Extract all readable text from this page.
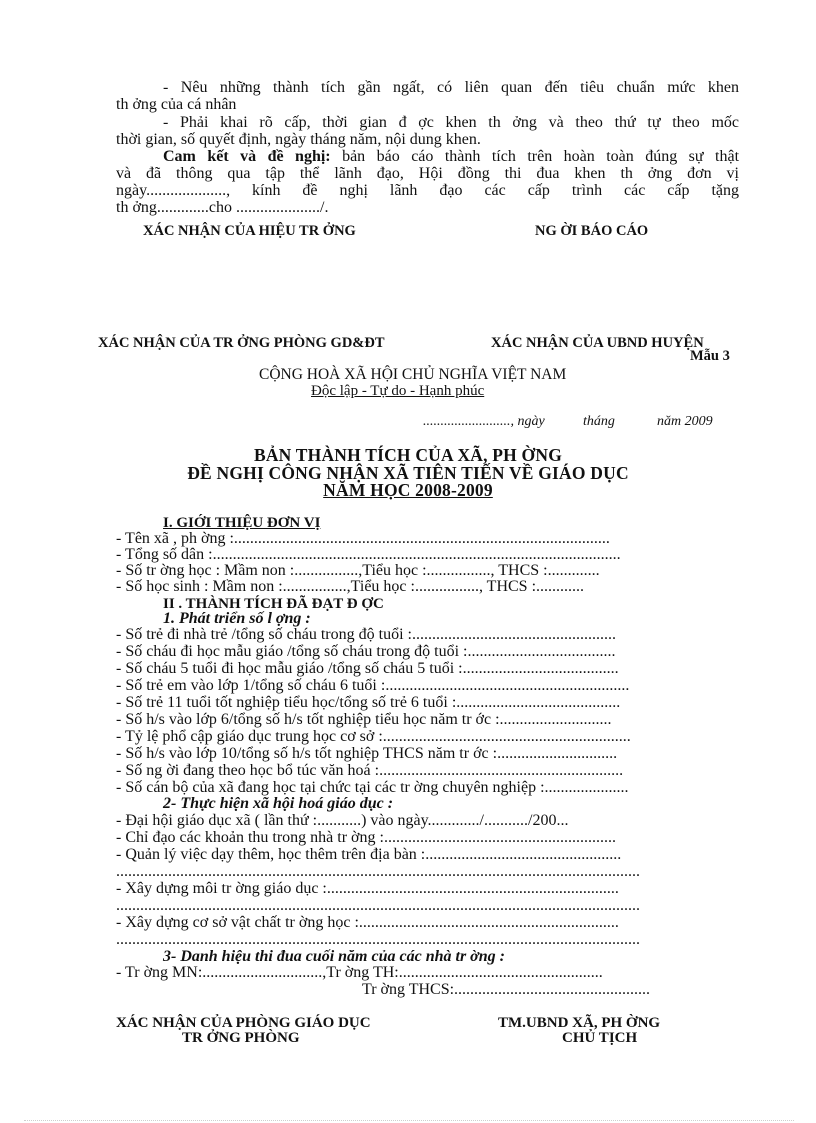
- Nêu những thành tích gần ngất, có liên quan đến tiêu chuẩn mức khen
th ởng của cá nhân
- Phải khai rõ cấp, thời gian đ ợc khen th ởng và theo thứ tự theo mốc
thời gian, số quyết định, ngày tháng năm, nội dung khen.
Cam kết và đề nghị: bản báo cáo thành tích trên hoàn toàn đúng sự thật
và đã thông qua tập thể lãnh đạo, Hội đồng thi đua khen th ởng đơn vị
ngày...................., kính đề nghị lãnh đạo các cấp trình các cấp tặng
th ởng.............cho ...................../.
XÁC NHẬN CỦA HIỆU TR ỞNG	NG ỜI BÁO CÁO
XÁC NHẬN CỦA TR ỞNG PHÒNG GD&ĐT	XÁC NHẬN CỦA UBND HUYỆN
Mẫu 3
CỘNG HOÀ XÃ HỘI CHỦ NGHĨA VIỆT NAM
Độc lập - Tự do - Hạnh phúc
........................., ngày	tháng	năm 2009
BẢN THÀNH TÍCH CỦA XÃ, PH ỜNG
ĐỀ NGHỊ CÔNG NHẬN XÃ TIÊN TIẾN VỀ GIÁO DỤC
NĂM HỌC 2008-2009
I. GIỚI THIỆU ĐƠN VỊ
- Tên xã , ph ờng :..............................................................................................
- Tổng số dân :......................................................................................................
- Số tr ờng học : Mầm non :................,Tiểu học :................, THCS :.............
- Số học sinh : Mầm non :................,Tiểu học :................, THCS :............
II . THÀNH TÍCH ĐÃ ĐẠT Đ ỢC
1. Phát triển số l ợng :
- Số trẻ đi nhà trẻ /tổng số cháu trong độ tuổi :...................................................
- Số cháu đi học mẫu giáo /tổng số cháu trong độ tuổi :.....................................
- Số cháu 5 tuổi đi học mẫu giáo /tổng số cháu 5 tuổi :.......................................
- Số trẻ em vào lớp 1/tổng số cháu 6 tuổi :.............................................................
- Số trẻ 11 tuổi tốt nghiệp tiểu học/tổng số trẻ 6 tuổi :.........................................
- Số h/s vào lớp 6/tổng số h/s tốt nghiệp tiểu học năm tr ớc :............................
- Tỷ lệ phổ cập giáo dục trung học cơ sở :..............................................................
- Số h/s vào lớp 10/tổng số h/s tốt nghiệp THCS năm tr ớc :..............................
- Số ng ời đang theo học bổ túc văn hoá :.............................................................
- Số cán bộ của xã đang học tại chức tại các tr ờng chuyên nghiệp :.....................
2- Thực hiện xã hội hoá giáo dục :
- Đại hội giáo dục xã ( lần thứ :...........) vào ngày............./.........../200...
- Chỉ đạo các khoản thu trong nhà tr ờng :..........................................................
- Quản lý việc dạy thêm, học thêm trên địa bàn :.................................................
...................................................................................................................................
- Xây dựng môi tr ờng giáo dục :.........................................................................
...................................................................................................................................
- Xây dựng cơ sở vật chất tr ờng học :.................................................................
...................................................................................................................................
3- Danh hiệu thi đua cuối năm của các nhà tr ờng :
- Tr ờng MN:..............................,Tr ờng TH:...................................................
Tr ờng THCS:.................................................
XÁC NHẬN CỦA PHÒNG GIÁO DỤC
TR ỞNG PHÒNG
TM.UBND XÃ, PH ỜNG
CHỦ TỊCH
